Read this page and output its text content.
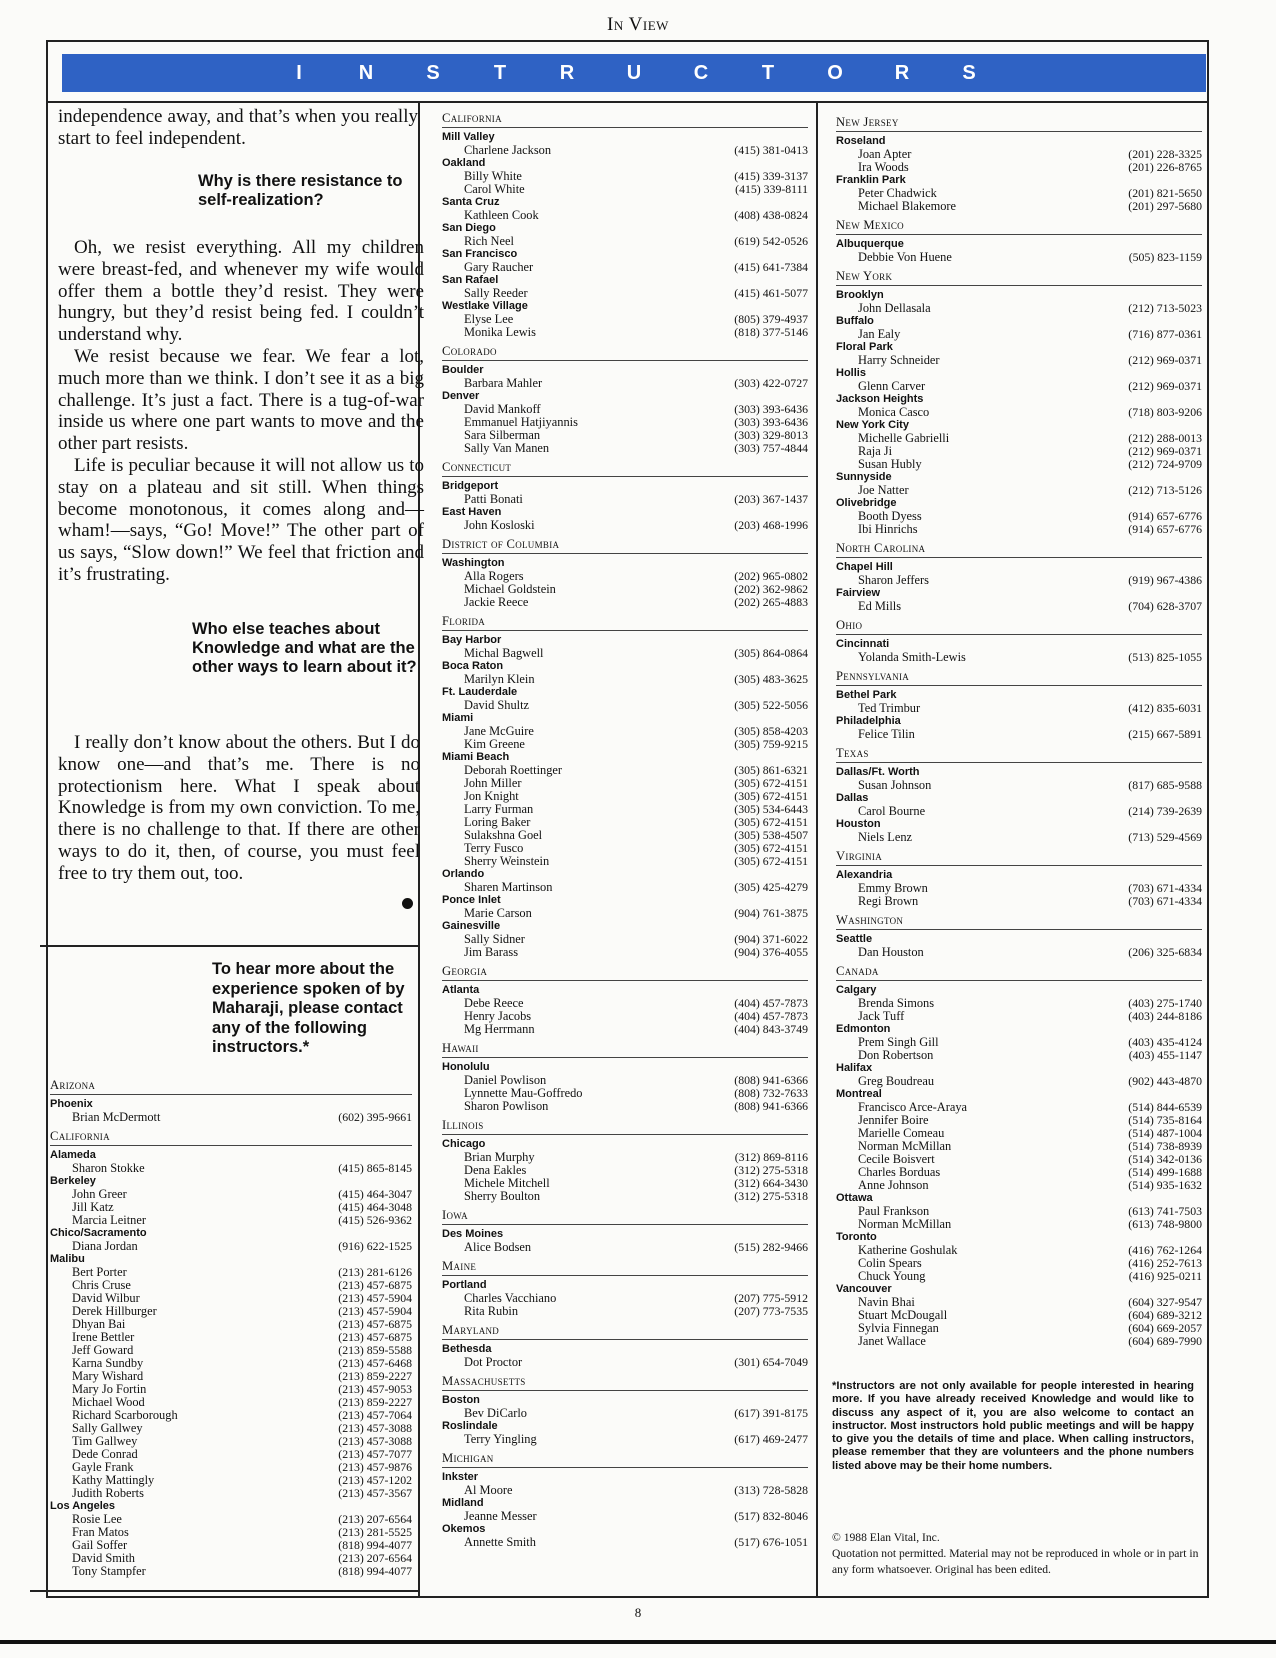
In View
I	N	S	T	R	U	C	T	O	R	S

independence away, and that’s when you really start to feel independent.

Why is there resistance to self-realization?

Oh, we resist everything. All my children were breast-fed, and whenever my wife would offer them a bottle they’d resist. They were hungry, but they’d resist being fed. I couldn’t understand why.

We resist because we fear. We fear a lot, much more than we think. I don’t see it as a big challenge. It’s just a fact. There is a tug-of-war inside us where one part wants to move and the other part resists.

Life is peculiar because it will not allow us to stay on a plateau and sit still. When things become monotonous, it comes along and—wham!—says, “Go! Move!” The other part of us says, “Slow down!” We feel that friction and it’s frustrating.

Who else teaches about Knowledge and what are the other ways to learn about it?

I really don’t know about the others. But I do know one—and that’s me. There is no protectionism here. What I speak about Knowledge is from my own conviction. To me, there is no challenge to that. If there are other ways to do it, then, of course, you must feel free to try them out, too.

To hear more about the experience spoken of by Maharaji, please contact any of the following instructors.*
Arizona
Phoenix
Brian McDermott	(602) 395-9661
California
Alameda
Sharon Stokke	(415) 865-8145
Berkeley
John Greer	(415) 464-3047
Jill Katz	(415) 464-3048
Marcia Leitner	(415) 526-9362
Chico/Sacramento
Diana Jordan	(916) 622-1525
Malibu
Bert Porter	(213) 281-6126
Chris Cruse	(213) 457-6875
David Wilbur	(213) 457-5904
Derek Hillburger	(213) 457-5904
Dhyan Bai	(213) 457-6875
Irene Bettler	(213) 457-6875
Jeff Goward	(213) 859-5588
Karna Sundby	(213) 457-6468
Mary Wishard	(213) 859-2227
Mary Jo Fortin	(213) 457-9053
Michael Wood	(213) 859-2227
Richard Scarborough	(213) 457-7064
Sally Gallwey	(213) 457-3088
Tim Gallwey	(213) 457-3088
Dede Conrad	(213) 457-7077
Gayle Frank	(213) 457-9876
Kathy Mattingly	(213) 457-1202
Judith Roberts	(213) 457-3567
Los Angeles
Rosie Lee	(213) 207-6564
Fran Matos	(213) 281-5525
Gail Soffer	(818) 994-4077
David Smith	(213) 207-6564
Tony Stampfer	(818) 994-4077
California
Mill Valley
Charlene Jackson	(415) 381-0413
Oakland
Billy White	(415) 339-3137
Carol White	(415) 339-8111
Santa Cruz
Kathleen Cook	(408) 438-0824
San Diego
Rich Neel	(619) 542-0526
San Francisco
Gary Raucher	(415) 641-7384
San Rafael
Sally Reeder	(415) 461-5077
Westlake Village
Elyse Lee	(805) 379-4937
Monika Lewis	(818) 377-5146
Colorado
Boulder
Barbara Mahler	(303) 422-0727
Denver
David Mankoff	(303) 393-6436
Emmanuel Hatjiyannis	(303) 393-6436
Sara Silberman	(303) 329-8013
Sally Van Manen	(303) 757-4844
Connecticut
Bridgeport
Patti Bonati	(203) 367-1437
East Haven
John Kosloski	(203) 468-1996
District of Columbia
Washington
Alla Rogers	(202) 965-0802
Michael Goldstein	(202) 362-9862
Jackie Reece	(202) 265-4883
Florida
Bay Harbor
Michal Bagwell	(305) 864-0864
Boca Raton
Marilyn Klein	(305) 483-3625
Ft. Lauderdale
David Shultz	(305) 522-5056
Miami
Jane McGuire	(305) 858-4203
Kim Greene	(305) 759-9215
Miami Beach
Deborah Roettinger	(305) 861-6321
John Miller	(305) 672-4151
Jon Knight	(305) 672-4151
Larry Furman	(305) 534-6443
Loring Baker	(305) 672-4151
Sulakshna Goel	(305) 538-4507
Terry Fusco	(305) 672-4151
Sherry Weinstein	(305) 672-4151
Orlando
Sharen Martinson	(305) 425-4279
Ponce Inlet
Marie Carson	(904) 761-3875
Gainesville
Sally Sidner	(904) 371-6022
Jim Barass	(904) 376-4055
Georgia
Atlanta
Debe Reece	(404) 457-7873
Henry Jacobs	(404) 457-7873
Mg Herrmann	(404) 843-3749
Hawaii
Honolulu
Daniel Powlison	(808) 941-6366
Lynnette Mau-Goffredo	(808) 732-7633
Sharon Powlison	(808) 941-6366
Illinois
Chicago
Brian Murphy	(312) 869-8116
Dena Eakles	(312) 275-5318
Michele Mitchell	(312) 664-3430
Sherry Boulton	(312) 275-5318
Iowa
Des Moines
Alice Bodsen	(515) 282-9466
Maine
Portland
Charles Vacchiano	(207) 775-5912
Rita Rubin	(207) 773-7535
Maryland
Bethesda
Dot Proctor	(301) 654-7049
Massachusetts
Boston
Bev DiCarlo	(617) 391-8175
Roslindale
Terry Yingling	(617) 469-2477
Michigan
Inkster
Al Moore	(313) 728-5828
Midland
Jeanne Messer	(517) 832-8046
Okemos
Annette Smith	(517) 676-1051
New Jersey
Roseland
Joan Apter	(201) 228-3325
Ira Woods	(201) 226-8765
Franklin Park
Peter Chadwick	(201) 821-5650
Michael Blakemore	(201) 297-5680
New Mexico
Albuquerque
Debbie Von Huene	(505) 823-1159
New York
Brooklyn
John Dellasala	(212) 713-5023
Buffalo
Jan Ealy	(716) 877-0361
Floral Park
Harry Schneider	(212) 969-0371
Hollis
Glenn Carver	(212) 969-0371
Jackson Heights
Monica Casco	(718) 803-9206
New York City
Michelle Gabrielli	(212) 288-0013
Raja Ji	(212) 969-0371
Susan Hubly	(212) 724-9709
Sunnyside
Joe Natter	(212) 713-5126
Olivebridge
Booth Dyess	(914) 657-6776
Ibi Hinrichs	(914) 657-6776
North Carolina
Chapel Hill
Sharon Jeffers	(919) 967-4386
Fairview
Ed Mills	(704) 628-3707
Ohio
Cincinnati
Yolanda Smith-Lewis	(513) 825-1055
Pennsylvania
Bethel Park
Ted Trimbur	(412) 835-6031
Philadelphia
Felice Tilin	(215) 667-5891
Texas
Dallas/Ft. Worth
Susan Johnson	(817) 685-9588
Dallas
Carol Bourne	(214) 739-2639
Houston
Niels Lenz	(713) 529-4569
Virginia
Alexandria
Emmy Brown	(703) 671-4334
Regi Brown	(703) 671-4334
Washington
Seattle
Dan Houston	(206) 325-6834
Canada
Calgary
Brenda Simons	(403) 275-1740
Jack Tuff	(403) 244-8186
Edmonton
Prem Singh Gill	(403) 435-4124
Don Robertson	(403) 455-1147
Halifax
Greg Boudreau	(902) 443-4870
Montreal
Francisco Arce-Araya	(514) 844-6539
Jennifer Boire	(514) 735-8164
Marielle Comeau	(514) 487-1004
Norman McMillan	(514) 738-8939
Cecile Boisvert	(514) 342-0136
Charles Borduas	(514) 499-1688
Anne Johnson	(514) 935-1632
Ottawa
Paul Frankson	(613) 741-7503
Norman McMillan	(613) 748-9800
Toronto
Katherine Goshulak	(416) 762-1264
Colin Spears	(416) 252-7613
Chuck Young	(416) 925-0211
Vancouver
Navin Bhai	(604) 327-9547
Stuart McDougall	(604) 689-3212
Sylvia Finnegan	(604) 669-2057
Janet Wallace	(604) 689-7990
*Instructors are not only available for people interested in hearing more. If you have already received Knowledge and would like to discuss any aspect of it, you are also welcome to contact an instructor. Most instructors hold public meetings and will be happy to give you the details of time and place. When calling instructors, please remember that they are volunteers and the phone numbers listed above may be their home numbers.
© 1988 Elan Vital, Inc.
Quotation not permitted. Material may not be reproduced in whole or in part in any form whatsoever. Original has been edited.
8
